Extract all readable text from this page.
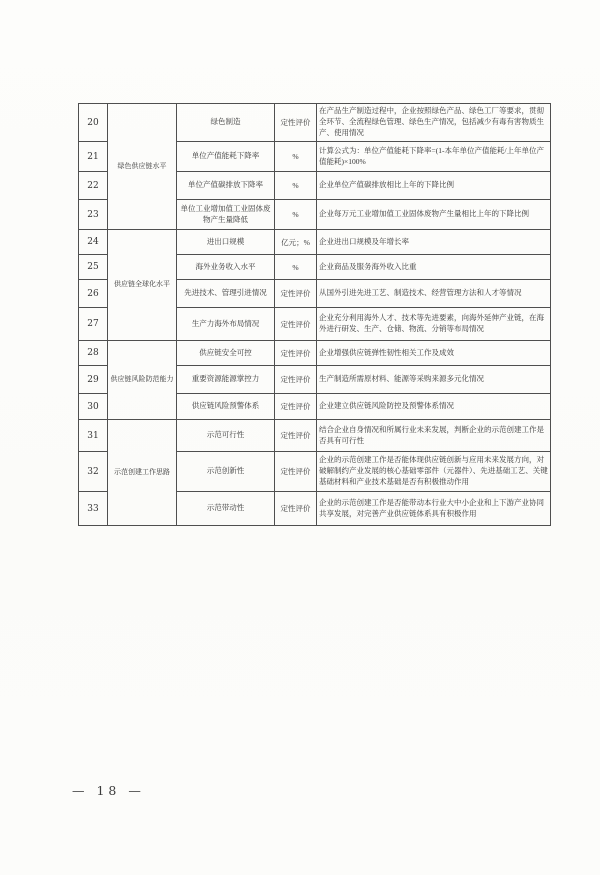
20	绿色供应链水平	绿色制造	定性评价	在产品生产制造过程中，企业按照绿色产品、绿色工厂等要求，贯彻全环节、全流程绿色管理、绿色生产情况，包括减少有毒有害物质生产、使用情况
21		单位产值能耗下降率	%	计算公式为：单位产值能耗下降率=(1-本年单位产值能耗/上年单位产值能耗)×100%
22		单位产值碳排放下降率	%	企业单位产值碳排放相比上年的下降比例
23		单位工业增加值工业固体废物产生量降低	%	企业每万元工业增加值工业固体废物产生量相比上年的下降比例
24	供应链全球化水平	进出口规模	亿元；%	企业进出口规模及年增长率
25		海外业务收入水平	%	企业商品及服务海外收入比重
26		先进技术、管理引进情况	定性评价	从国外引进先进工艺、制造技术、经营管理方法和人才等情况
27		生产力海外布局情况	定性评价	企业充分利用海外人才、技术等先进要素，向海外延伸产业链，在海外进行研发、生产、仓储、物流、分销等布局情况
28	供应链风险防范能力	供应链安全可控	定性评价	企业增强供应链弹性韧性相关工作及成效
29		重要资源能源掌控力	定性评价	生产制造所需原材料、能源等采购来源多元化情况
30		供应链风险预警体系	定性评价	企业建立供应链风险防控及预警体系情况
31	示范创建工作思路	示范可行性	定性评价	结合企业自身情况和所属行业未来发展，判断企业的示范创建工作是否具有可行性
32		示范创新性	定性评价	企业的示范创建工作是否能体现供应链创新与应用未来发展方向，对破解制约产业发展的核心基础零部件（元器件）、先进基础工艺、关键基础材料和产业技术基础是否有积极推动作用
33		示范带动性	定性评价	企业的示范创建工作是否能带动本行业大中小企业和上下游产业协同共享发展，对完善产业供应链体系具有积极作用
— 18 —
